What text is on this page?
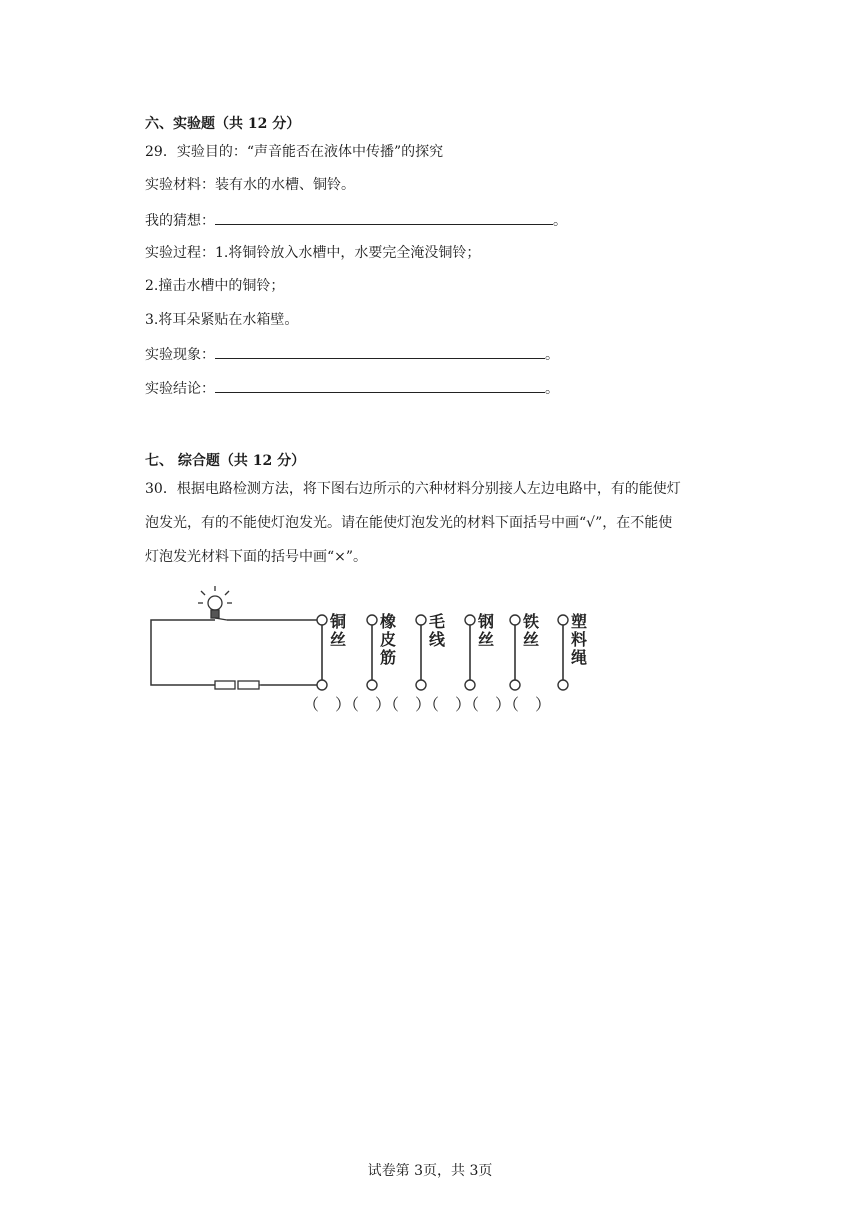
六、实验题（共 12 分）
29．实验目的：“声音能否在液体中传播”的探究
实验材料：装有水的水槽、铜铃。
我的猜想：	。
实验过程：1.将铜铃放入水槽中，水要完全淹没铜铃；
2.撞击水槽中的铜铃；
3.将耳朵紧贴在水箱壁。
实验现象：	。
实验结论：	。
七、 综合题（共 12 分）
30．根据电路检测方法，将下图右边所示的六种材料分别接人左边电路中，有的能使灯
泡发光，有的不能使灯泡发光。请在能使灯泡发光的材料下面括号中画“√”，在不能使
灯泡发光材料下面的括号中画“×”。
铜丝
橡皮筋
毛线
钢丝
铁丝
塑料绳
（　）（　）（　）（　）（　）（　）
试卷第 3页，共 3页
